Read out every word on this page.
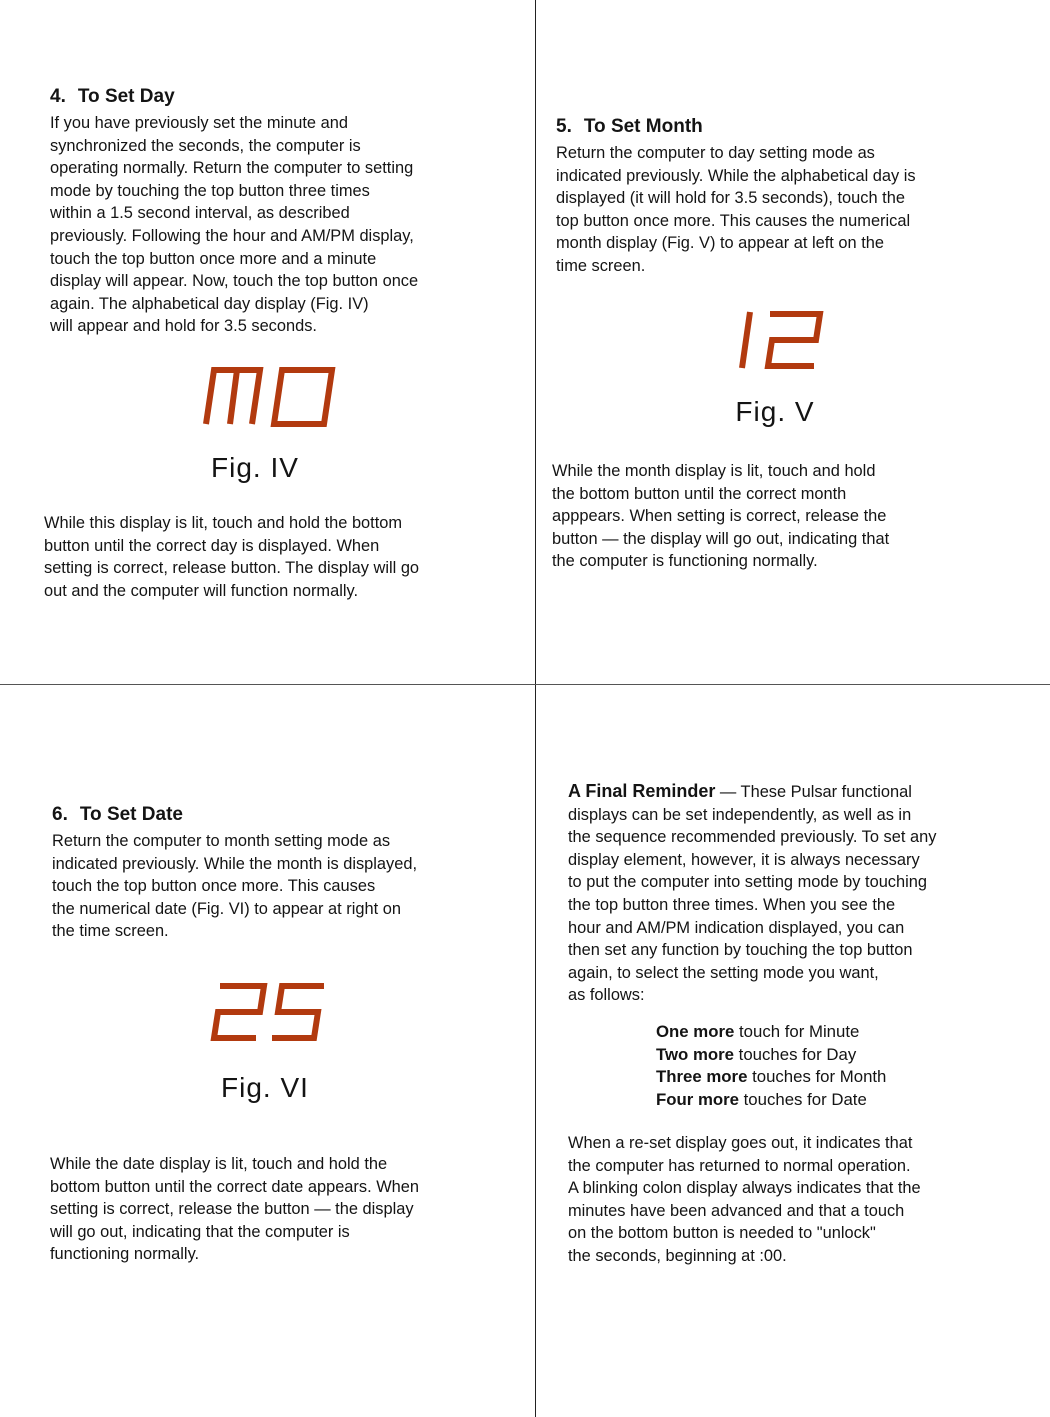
4. To Set Day

If you have previously set the minute and
synchronized the seconds, the computer is
operating normally. Return the computer to setting
mode by touching the top button three times
within a 1.5 second interval, as described
previously. Following the hour and AM/PM display,
touch the top button once more and a minute
display will appear. Now, touch the top button once
again. The alphabetical day display (Fig. IV)
will appear and hold for 3.5 seconds.

Fig. IV

While this display is lit, touch and hold the bottom
button until the correct day is displayed. When
setting is correct, release button. The display will go
out and the computer will function normally.

5. To Set Month

Return the computer to day setting mode as
indicated previously. While the alphabetical day is
displayed (it will hold for 3.5 seconds), touch the
top button once more. This causes the numerical
month display (Fig. V) to appear at left on the
time screen.

Fig. V

While the month display is lit, touch and hold
the bottom button until the correct month
apppears. When setting is correct, release the
button — the display will go out, indicating that
the computer is functioning normally.

6. To Set Date

Return the computer to month setting mode as
indicated previously. While the month is displayed,
touch the top button once more. This causes
the numerical date (Fig. VI) to appear at right on
the time screen.

Fig. VI

While the date display is lit, touch and hold the
bottom button until the correct date appears. When
setting is correct, release the button — the display
will go out, indicating that the computer is
functioning normally.

A Final Reminder — These Pulsar functional
displays can be set independently, as well as in
the sequence recommended previously. To set any
display element, however, it is always necessary
to put the computer into setting mode by touching
the top button three times. When you see the
hour and AM/PM indication displayed, you can
then set any function by touching the top button
again, to select the setting mode you want,
as follows:

One more touch for Minute
Two more touches for Day
Three more touches for Month
Four more touches for Date

When a re-set display goes out, it indicates that
the computer has returned to normal operation.
A blinking colon display always indicates that the
minutes have been advanced and that a touch
on the bottom button is needed to "unlock"
the seconds, beginning at :00.
